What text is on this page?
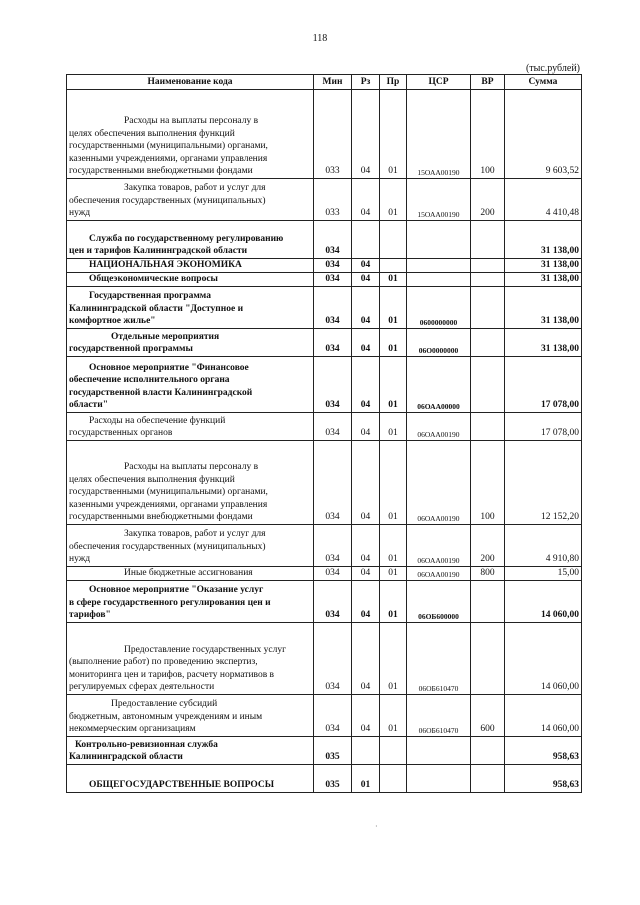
118
(тыс.рублей)
Наименование кода	Мин	Рз	Пр	ЦСР	ВР	Сумма
Расходы на выплаты персоналу в
целях обеспечения выполнения функций
государственными (муниципальными) органами,
казенными учреждениями, органами управления
государственными внебюджетными фондами	033	04	01	15ОАА00190	100	9 603,52
Закупка товаров, работ и услуг для
обеспечения государственных (муниципальных)
нужд	033	04	01	15ОАА00190	200	4 410,48
Служба по государственному регулированию
цен и тарифов Калининградской области	034					31 138,00
НАЦИОНАЛЬНАЯ ЭКОНОМИКА	034	04				31 138,00
Общеэкономические вопросы	034	04	01			31 138,00
Государственная программа
Калининградской области "Доступное и
комфортное жилье"	034	04	01	0600000000		31 138,00
Отдельные мероприятия
государственной программы	034	04	01	06О0000000		31 138,00
Основное мероприятие "Финансовое
обеспечение исполнительного органа
государственной власти Калининградской
области"	034	04	01	06ОАА00000		17 078,00
Расходы на обеспечение функций
государственных органов	034	04	01	06ОАА00190		17 078,00
Расходы на выплаты персоналу в
целях обеспечения выполнения функций
государственными (муниципальными) органами,
казенными учреждениями, органами управления
государственными внебюджетными фондами	034	04	01	06ОАА00190	100	12 152,20
Закупка товаров, работ и услуг для
обеспечения государственных (муниципальных)
нужд	034	04	01	06ОАА00190	200	4 910,80
Иные бюджетные ассигнования	034	04	01	06ОАА00190	800	15,00
Основное мероприятие "Оказание услуг
в сфере государственного регулирования цен и
тарифов"	034	04	01	06ОБ600000		14 060,00
Предоставление государственных услуг
(выполнение работ) по проведению экспертиз,
мониторинга цен и тарифов, расчету нормативов в
регулируемых сферах деятельности	034	04	01	06ОБ610470		14 060,00
Предоставление субсидий
бюджетным, автономным учреждениям и иным
некоммерческим организациям	034	04	01	06ОБ610470	600	14 060,00
Контрольно-ревизионная служба
Калининградской области	035					958,63
ОБЩЕГОСУДАРСТВЕННЫЕ ВОПРОСЫ	035	01				958,63
·
